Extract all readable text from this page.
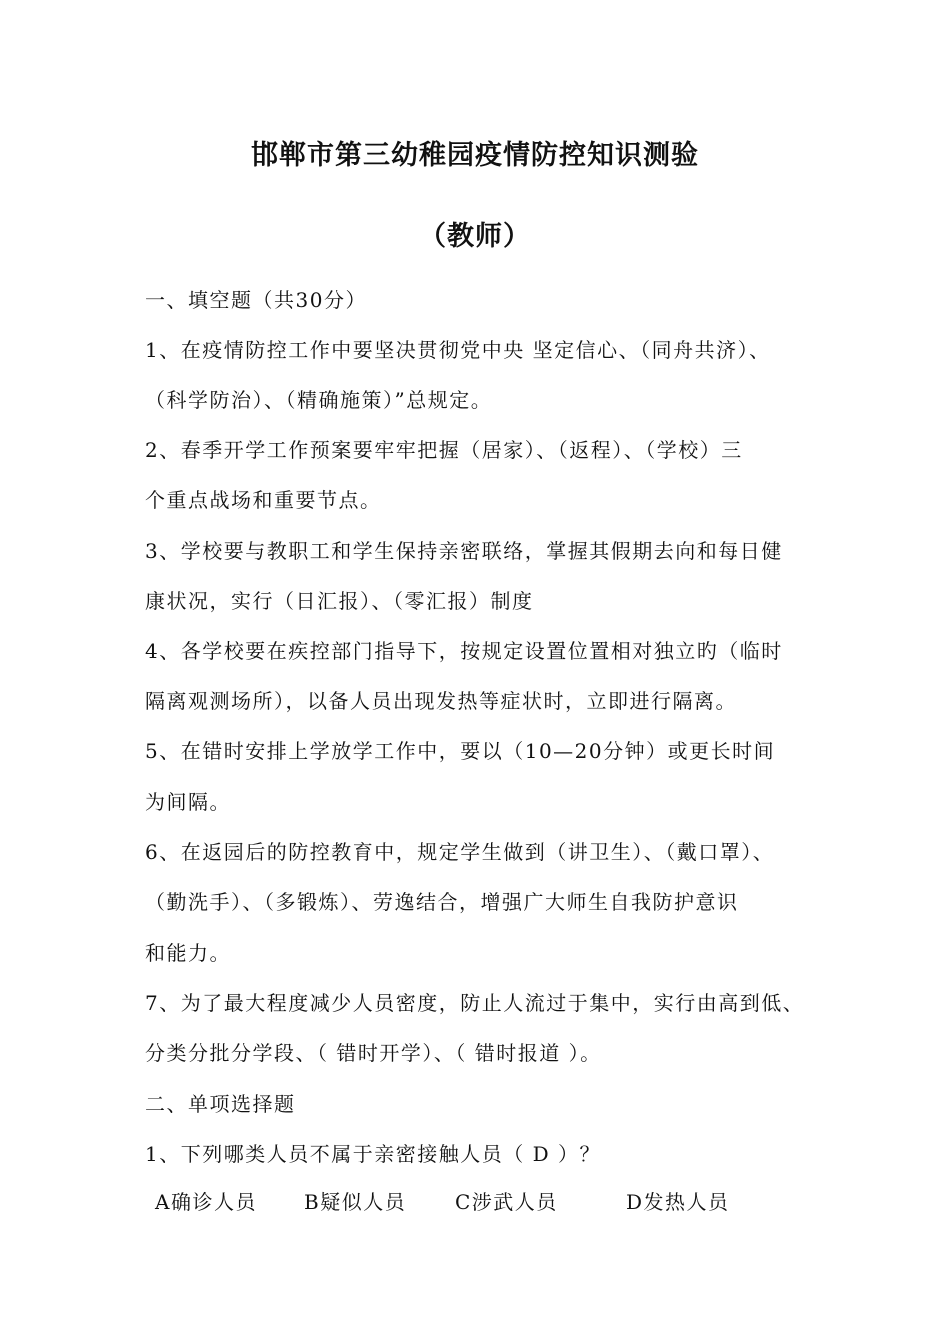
邯郸市第三幼稚园疫情防控知识测验
（教师）
一、填空题（共30分）
1、在疫情防控工作中要坚决贯彻党中央 坚定信心、（同舟共济）、
（科学防治）、（精确施策）”总规定。
2、春季开学工作预案要牢牢把握（居家）、（返程）、（学校）三
个重点战场和重要节点。
3、学校要与教职工和学生保持亲密联络，掌握其假期去向和每日健
康状况，实行（日汇报）、（零汇报）制度
4、各学校要在疾控部门指导下，按规定设置位置相对独立旳（临时
隔离观测场所），以备人员出现发热等症状时，立即进行隔离。
5、在错时安排上学放学工作中，要以（10—20分钟）或更长时间
为间隔。
6、在返园后的防控教育中，规定学生做到（讲卫生）、（戴口罩）、
（勤洗手）、（多锻炼）、劳逸结合，增强广大师生自我防护意识
和能力。
7、为了最大程度减少人员密度，防止人流过于集中，实行由高到低、
分类分批分学段、（ 错时开学）、（ 错时报道 ）。
二、单项选择题
1、下列哪类人员不属于亲密接触人员（ D ）？
A确诊人员 B疑似人员 C涉武人员	D发热人员
